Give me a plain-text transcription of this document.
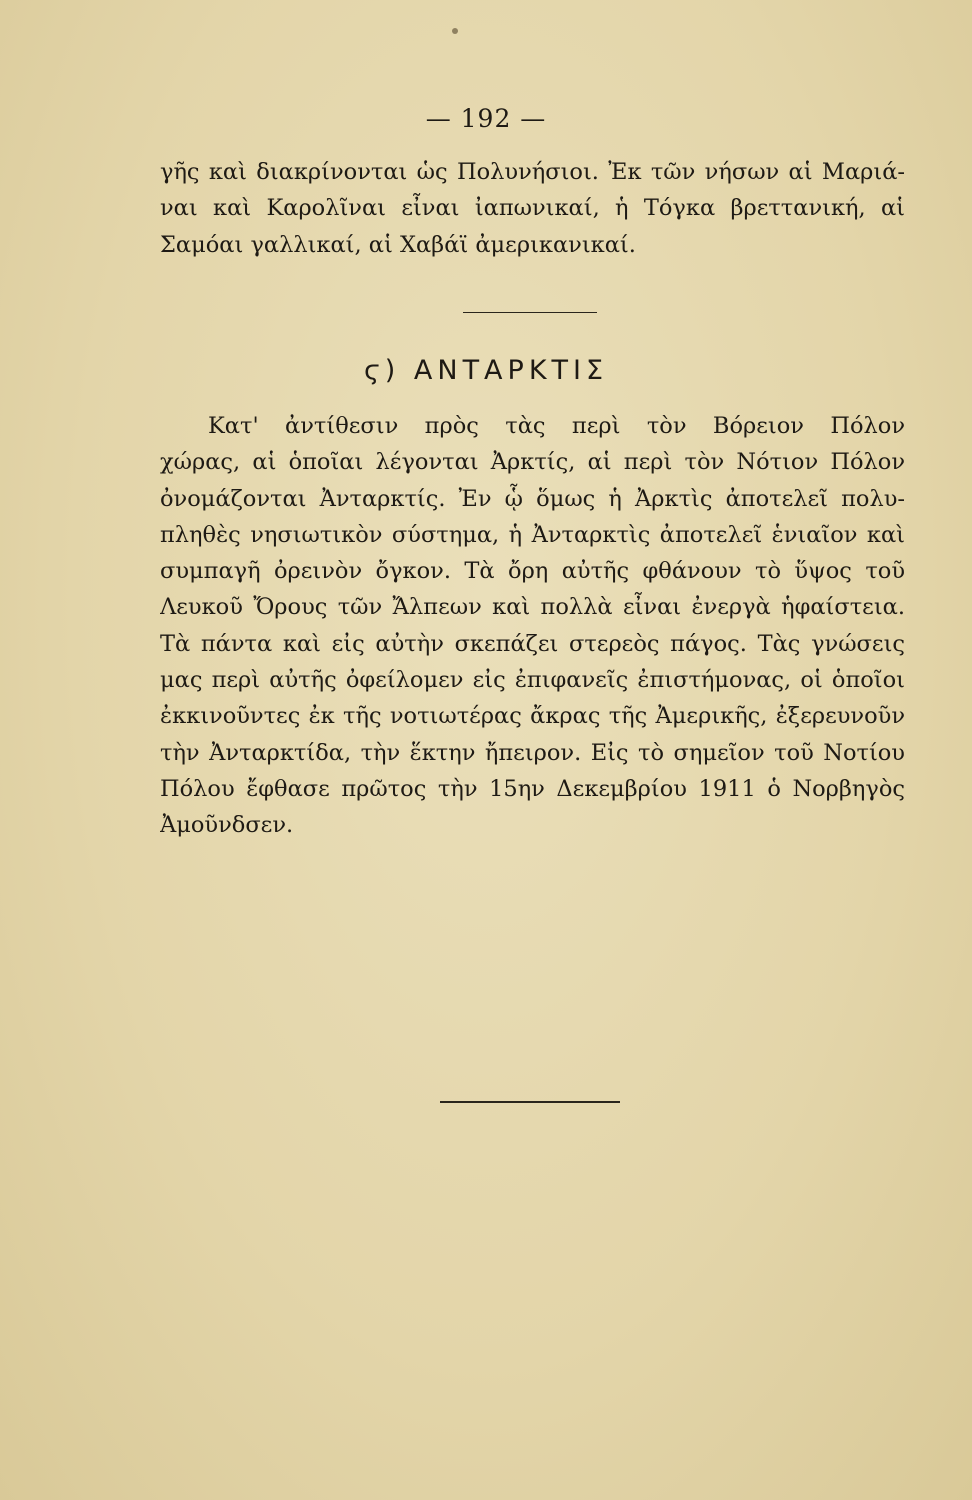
— 192 —
γῆς καὶ διακρίνονται ὡς Πολυνήσιοι. Ἐκ τῶν νήσων αἱ Μαριά-
ναι καὶ Καρολῖναι εἶναι ἰαπωνικαί, ἡ Τόγκα βρεττανική, αἱ
Σαμόαι γαλλικαί, αἱ Χαβάϊ ἀμερικανικαί.
ϛ) ΑΝΤΑΡΚΤΙΣ
Κατ' ἀντίθεσιν πρὸς τὰς περὶ τὸν Βόρειον Πόλον
χώρας, αἱ ὁποῖαι λέγονται Ἀρκτίς, αἱ περὶ τὸν Νότιον Πόλον
ὀνομάζονται Ἀνταρκτίς. Ἐν ᾧ ὅμως ἡ Ἀρκτὶς ἀποτελεῖ πολυ-
πληθὲς νησιωτικὸν σύστημα, ἡ Ἀνταρκτὶς ἀποτελεῖ ἑνιαῖον καὶ
συμπαγῆ ὀρεινὸν ὄγκον. Τὰ ὄρη αὐτῆς φθάνουν τὸ ὕψος τοῦ
Λευκοῦ Ὄρους τῶν Ἄλπεων καὶ πολλὰ εἶναι ἐνεργὰ ἡφαίστεια.
Τὰ πάντα καὶ εἰς αὐτὴν σκεπάζει στερεὸς πάγος. Τὰς γνώσεις
μας περὶ αὐτῆς ὀφείλομεν εἰς ἐπιφανεῖς ἐπιστήμονας, οἱ ὁποῖοι
ἐκκινοῦντες ἐκ τῆς νοτιωτέρας ἄκρας τῆς Ἀμερικῆς, ἐξερευνοῦν
τὴν Ἀνταρκτίδα, τὴν ἕκτην ἤπειρον. Εἰς τὸ σημεῖον τοῦ Νοτίου
Πόλου ἔφθασε πρῶτος τὴν 15ην Δεκεμβρίου 1911 ὁ Νορβηγὸς
Ἀμοῦνδσεν.
